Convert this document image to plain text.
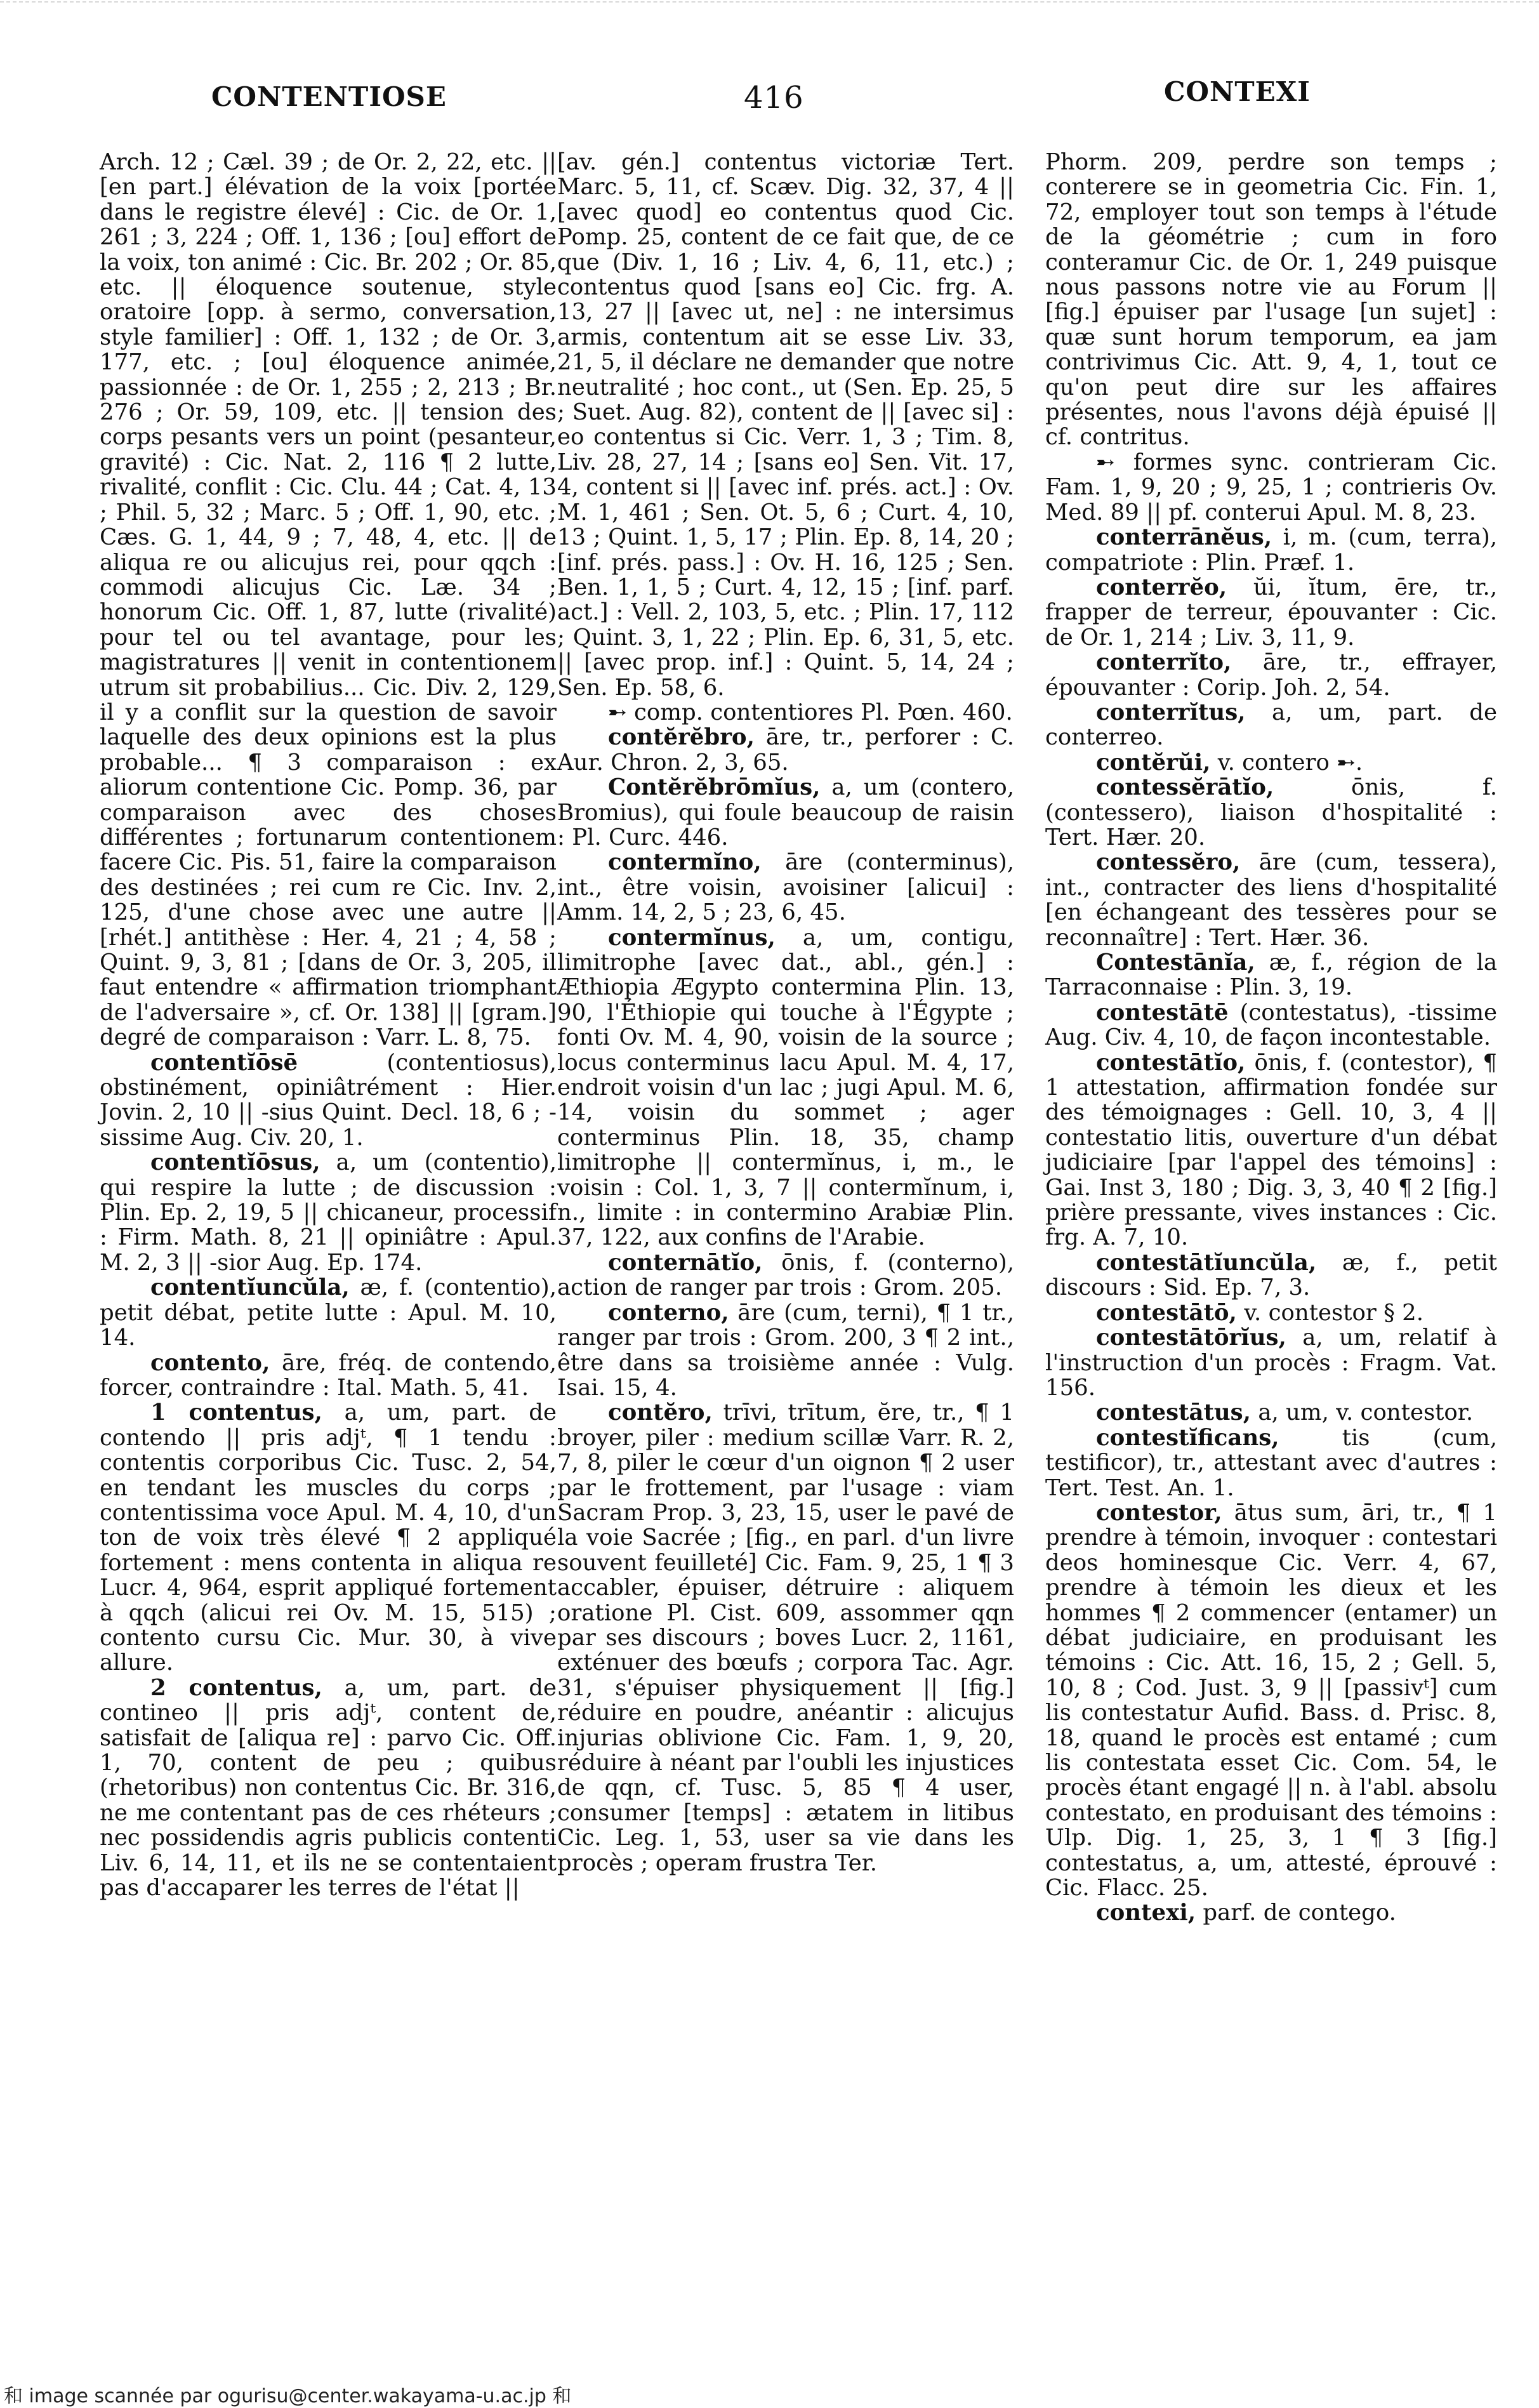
CONTENTIOSE	416	CONTEXI

Arch. 12 ; Cæl. 39 ; de Or. 2, 22, etc. || [en part.] élévation de la voix [portée dans le registre élevé] : Cic. de Or. 1, 261 ; 3, 224 ; Off. 1, 136 ; [ou] effort de la voix, ton animé : Cic. Br. 202 ; Or. 85, etc. || éloquence soutenue, style oratoire [opp. à sermo, conversation, style familier] : Off. 1, 132 ; de Or. 3, 177, etc. ; [ou] éloquence animée, passionnée : de Or. 1, 255 ; 2, 213 ; Br. 276 ; Or. 59, 109, etc. || tension des corps pesants vers un point (pesanteur, gravité) : Cic. Nat. 2, 116 ¶ 2 lutte, rivalité, conflit : Cic. Clu. 44 ; Cat. 4, 13 ; Phil. 5, 32 ; Marc. 5 ; Off. 1, 90, etc. ; Cæs. G. 1, 44, 9 ; 7, 48, 4, etc. || de aliqua re ou alicujus rei, pour qqch : commodi alicujus Cic. Læ. 34 ; honorum Cic. Off. 1, 87, lutte (rivalité) pour tel ou tel avantage, pour les magistratures || venit in contentionem utrum sit probabilius... Cic. Div. 2, 129, il y a conflit sur la question de savoir laquelle des deux opinions est la plus probable... ¶ 3 comparaison : ex aliorum contentione Cic. Pomp. 36, par comparaison avec des choses différentes ; fortunarum contentionem facere Cic. Pis. 51, faire la comparaison des destinées ; rei cum re Cic. Inv. 2, 125, d'une chose avec une autre || [rhét.] antithèse : Her. 4, 21 ; 4, 58 ; Quint. 9, 3, 81 ; [dans de Or. 3, 205, il faut entendre « affirmation triomphant de l'adversaire », cf. Or. 138] || [gram.] degré de comparaison : Varr. L. 8, 75.

contentĭōsē (contentiosus), obstinément, opiniâtrément : Hier. Jovin. 2, 10 || -sius Quint. Decl. 18, 6 ; -sissime Aug. Civ. 20, 1.

contentĭōsus, a, um (contentio), qui respire la lutte ; de discussion : Plin. Ep. 2, 19, 5 || chicaneur, processif : Firm. Math. 8, 21 || opiniâtre : Apul. M. 2, 3 || -sior Aug. Ep. 174.

contentĭuncŭla, æ, f. (contentio), petit débat, petite lutte : Apul. M. 10, 14.

contento, āre, fréq. de contendo, forcer, contraindre : Ital. Math. 5, 41.

1 contentus, a, um, part. de contendo || pris adjᵗ, ¶ 1 tendu : contentis corporibus Cic. Tusc. 2, 54, en tendant les muscles du corps ; contentissima voce Apul. M. 4, 10, d'un ton de voix très élevé ¶ 2 appliqué fortement : mens contenta in aliqua re Lucr. 4, 964, esprit appliqué fortement à qqch (alicui rei Ov. M. 15, 515) ; contento cursu Cic. Mur. 30, à vive allure.

2 contentus, a, um, part. de contineo || pris adjᵗ, content de, satisfait de [aliqua re] : parvo Cic. Off. 1, 70, content de peu ; quibus (rhetoribus) non contentus Cic. Br. 316, ne me contentant pas de ces rhéteurs ; nec possidendis agris publicis contenti Liv. 6, 14, 11, et ils ne se contentaient pas d'accaparer les terres de l'état ||

[av. gén.] contentus victoriæ Tert. Marc. 5, 11, cf. Scæv. Dig. 32, 37, 4 || [avec quod] eo contentus quod Cic. Pomp. 25, content de ce fait que, de ce que (Div. 1, 16 ; Liv. 4, 6, 11, etc.) ; contentus quod [sans eo] Cic. frg. A. 13, 27 || [avec ut, ne] : ne intersimus armis, contentum ait se esse Liv. 33, 21, 5, il déclare ne demander que notre neutralité ; hoc cont., ut (Sen. Ep. 25, 5 ; Suet. Aug. 82), content de || [avec si] : eo contentus si Cic. Verr. 1, 3 ; Tim. 8, Liv. 28, 27, 14 ; [sans eo] Sen. Vit. 17, 4, content si || [avec inf. prés. act.] : Ov. M. 1, 461 ; Sen. Ot. 5, 6 ; Curt. 4, 10, 13 ; Quint. 1, 5, 17 ; Plin. Ep. 8, 14, 20 ; [inf. prés. pass.] : Ov. H. 16, 125 ; Sen. Ben. 1, 1, 5 ; Curt. 4, 12, 15 ; [inf. parf. act.] : Vell. 2, 103, 5, etc. ; Plin. 17, 112 ; Quint. 3, 1, 22 ; Plin. Ep. 6, 31, 5, etc. || [avec prop. inf.] : Quint. 5, 14, 24 ; Sen. Ep. 58, 6.

➸ comp. contentiores Pl. Pœn. 460.

contĕrĕbro, āre, tr., perforer : C. Aur. Chron. 2, 3, 65.

Contĕrĕbrōmĭus, a, um (contero, Bromius), qui foule beaucoup de raisin : Pl. Curc. 446.

contermĭno, āre (conterminus), int., être voisin, avoisiner [alicui] : Amm. 14, 2, 5 ; 23, 6, 45.

contermĭnus, a, um, contigu, limitrophe [avec dat., abl., gén.] : Æthiopia Ægypto contermina Plin. 13, 90, l'Éthiopie qui touche à l'Égypte ; fonti Ov. M. 4, 90, voisin de la source ; locus conterminus lacu Apul. M. 4, 17, endroit voisin d'un lac ; jugi Apul. M. 6, 14, voisin du sommet ; ager conterminus Plin. 18, 35, champ limitrophe || contermĭnus, i, m., le voisin : Col. 1, 3, 7 || contermĭnum, i, n., limite : in contermino Arabiæ Plin. 37, 122, aux confins de l'Arabie.

conternātĭo, ōnis, f. (conterno), action de ranger par trois : Grom. 205.

conterno, āre (cum, terni), ¶ 1 tr., ranger par trois : Grom. 200, 3 ¶ 2 int., être dans sa troisième année : Vulg. Isai. 15, 4.

contĕro, trīvi, trītum, ĕre, tr., ¶ 1 broyer, piler : medium scillæ Varr. R. 2, 7, 8, piler le cœur d'un oignon ¶ 2 user par le frottement, par l'usage : viam Sacram Prop. 3, 23, 15, user le pavé de la voie Sacrée ; [fig., en parl. d'un livre souvent feuilleté] Cic. Fam. 9, 25, 1 ¶ 3 accabler, épuiser, détruire : aliquem oratione Pl. Cist. 609, assommer qqn par ses discours ; boves Lucr. 2, 1161, exténuer des bœufs ; corpora Tac. Agr. 31, s'épuiser physiquement || [fig.] réduire en poudre, anéantir : alicujus injurias oblivione Cic. Fam. 1, 9, 20, réduire à néant par l'oubli les injustices de qqn, cf. Tusc. 5, 85 ¶ 4 user, consumer [temps] : ætatem in litibus Cic. Leg. 1, 53, user sa vie dans les procès ; operam frustra Ter.

Phorm. 209, perdre son temps ; conterere se in geometria Cic. Fin. 1, 72, employer tout son temps à l'étude de la géométrie ; cum in foro conteramur Cic. de Or. 1, 249 puisque nous passons notre vie au Forum || [fig.] épuiser par l'usage [un sujet] : quæ sunt horum temporum, ea jam contrivimus Cic. Att. 9, 4, 1, tout ce qu'on peut dire sur les affaires présentes, nous l'avons déjà épuisé || cf. contritus.

➸ formes sync. contrieram Cic. Fam. 1, 9, 20 ; 9, 25, 1 ; contrieris Ov. Med. 89 || pf. conterui Apul. M. 8, 23.

conterrānĕus, i, m. (cum, terra), compatriote : Plin. Præf. 1.

conterrĕo, ŭi, ĭtum, ēre, tr., frapper de terreur, épouvanter : Cic. de Or. 1, 214 ; Liv. 3, 11, 9.

conterrĭto, āre, tr., effrayer, épouvanter : Corip. Joh. 2, 54.

conterrĭtus, a, um, part. de conterreo.

contĕrŭi, v. contero ➸.

contessĕrātĭo, ōnis, f. (contessero), liaison d'hospitalité : Tert. Hær. 20.

contessĕro, āre (cum, tessera), int., contracter des liens d'hospitalité [en échangeant des tessères pour se reconnaître] : Tert. Hær. 36.

Contestānĭa, æ, f., région de la Tarraconnaise : Plin. 3, 19.

contestātē (contestatus), -tissime Aug. Civ. 4, 10, de façon incontestable.

contestātĭo, ōnis, f. (contestor), ¶ 1 attestation, affirmation fondée sur des témoignages : Gell. 10, 3, 4 || contestatio litis, ouverture d'un débat judiciaire [par l'appel des témoins] : Gai. Inst 3, 180 ; Dig. 3, 3, 40 ¶ 2 [fig.] prière pressante, vives instances : Cic. frg. A. 7, 10.

contestātĭuncŭla, æ, f., petit discours : Sid. Ep. 7, 3.

contestātō, v. contestor § 2.

contestātōrĭus, a, um, relatif à l'instruction d'un procès : Fragm. Vat. 156.

contestātus, a, um, v. contestor.

contestĭficans, tis (cum, testificor), tr., attestant avec d'autres : Tert. Test. An. 1.

contestor, ātus sum, āri, tr., ¶ 1 prendre à témoin, invoquer : contestari deos hominesque Cic. Verr. 4, 67, prendre à témoin les dieux et les hommes ¶ 2 commencer (entamer) un débat judiciaire, en produisant les témoins : Cic. Att. 16, 15, 2 ; Gell. 5, 10, 8 ; Cod. Just. 3, 9 || [passivᵗ] cum lis contestatur Aufid. Bass. d. Prisc. 8, 18, quand le procès est entamé ; cum lis contestata esset Cic. Com. 54, le procès étant engagé || n. à l'abl. absolu contestato, en produisant des témoins : Ulp. Dig. 1, 25, 3, 1 ¶ 3 [fig.] contestatus, a, um, attesté, éprouvé : Cic. Flacc. 25.

contexi, parf. de contego.

和 image scannée par ogurisu@center.wakayama-u.ac.jp 和
